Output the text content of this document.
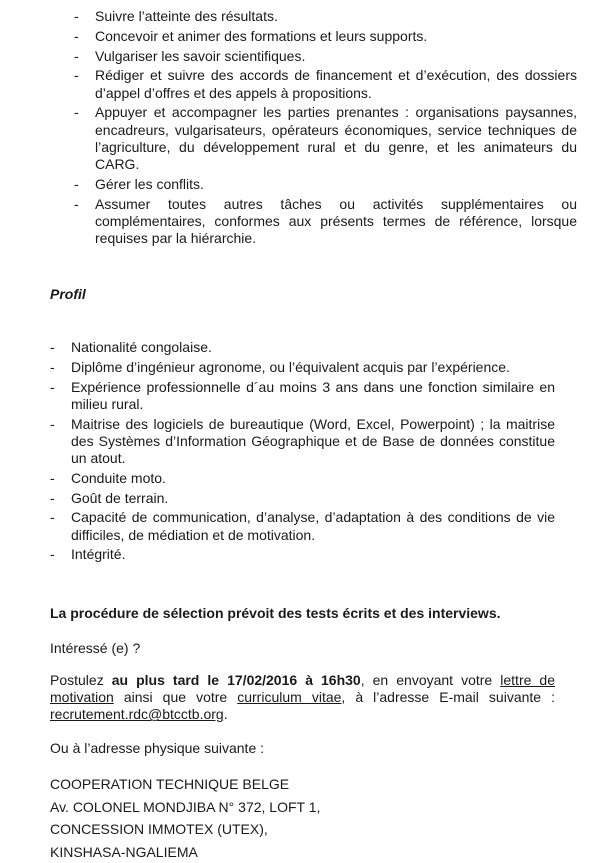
- Suivre l’atteinte des résultats.
- Concevoir et animer des formations et leurs supports.
- Vulgariser les savoir scientifiques.
- Rédiger et suivre des accords de financement et d’exécution, des dossiers d’appel d’offres et des appels à propositions.
- Appuyer et accompagner les parties prenantes : organisations paysannes, encadreurs, vulgarisateurs, opérateurs économiques, service techniques de l’agriculture, du développement rural et du genre, et les animateurs du CARG.
- Gérer les conflits.
- Assumer toutes autres tâches ou activités supplémentaires ou complémentaires, conformes aux présents termes de référence, lorsque requises par la hiérarchie.
Profil
- Nationalité congolaise.
- Diplôme d’ingénieur agronome, ou l’équivalent acquis par l’expérience.
- Expérience professionnelle d´au moins 3 ans dans une fonction similaire en milieu rural.
- Maitrise des logiciels de bureautique (Word, Excel, Powerpoint) ; la maitrise des Systèmes d’Information Géographique et de Base de données constitue un atout.
- Conduite moto.
- Goût de terrain.
- Capacité de communication, d’analyse, d’adaptation à des conditions de vie difficiles, de médiation et de motivation.
- Intégrité.
La procédure de sélection prévoit des tests écrits et des interviews.
Intéressé (e) ?
Postulez au plus tard le 17/02/2016 à 16h30, en envoyant votre lettre de motivation ainsi que votre curriculum vitae, à l’adresse E-mail suivante : recrutement.rdc@btcctb.org.
Ou à l’adresse physique suivante :
COOPERATION TECHNIQUE BELGE
Av. COLONEL MONDJIBA N° 372, LOFT 1,
CONCESSION IMMOTEX (UTEX),
KINSHASA-NGALIEMA
